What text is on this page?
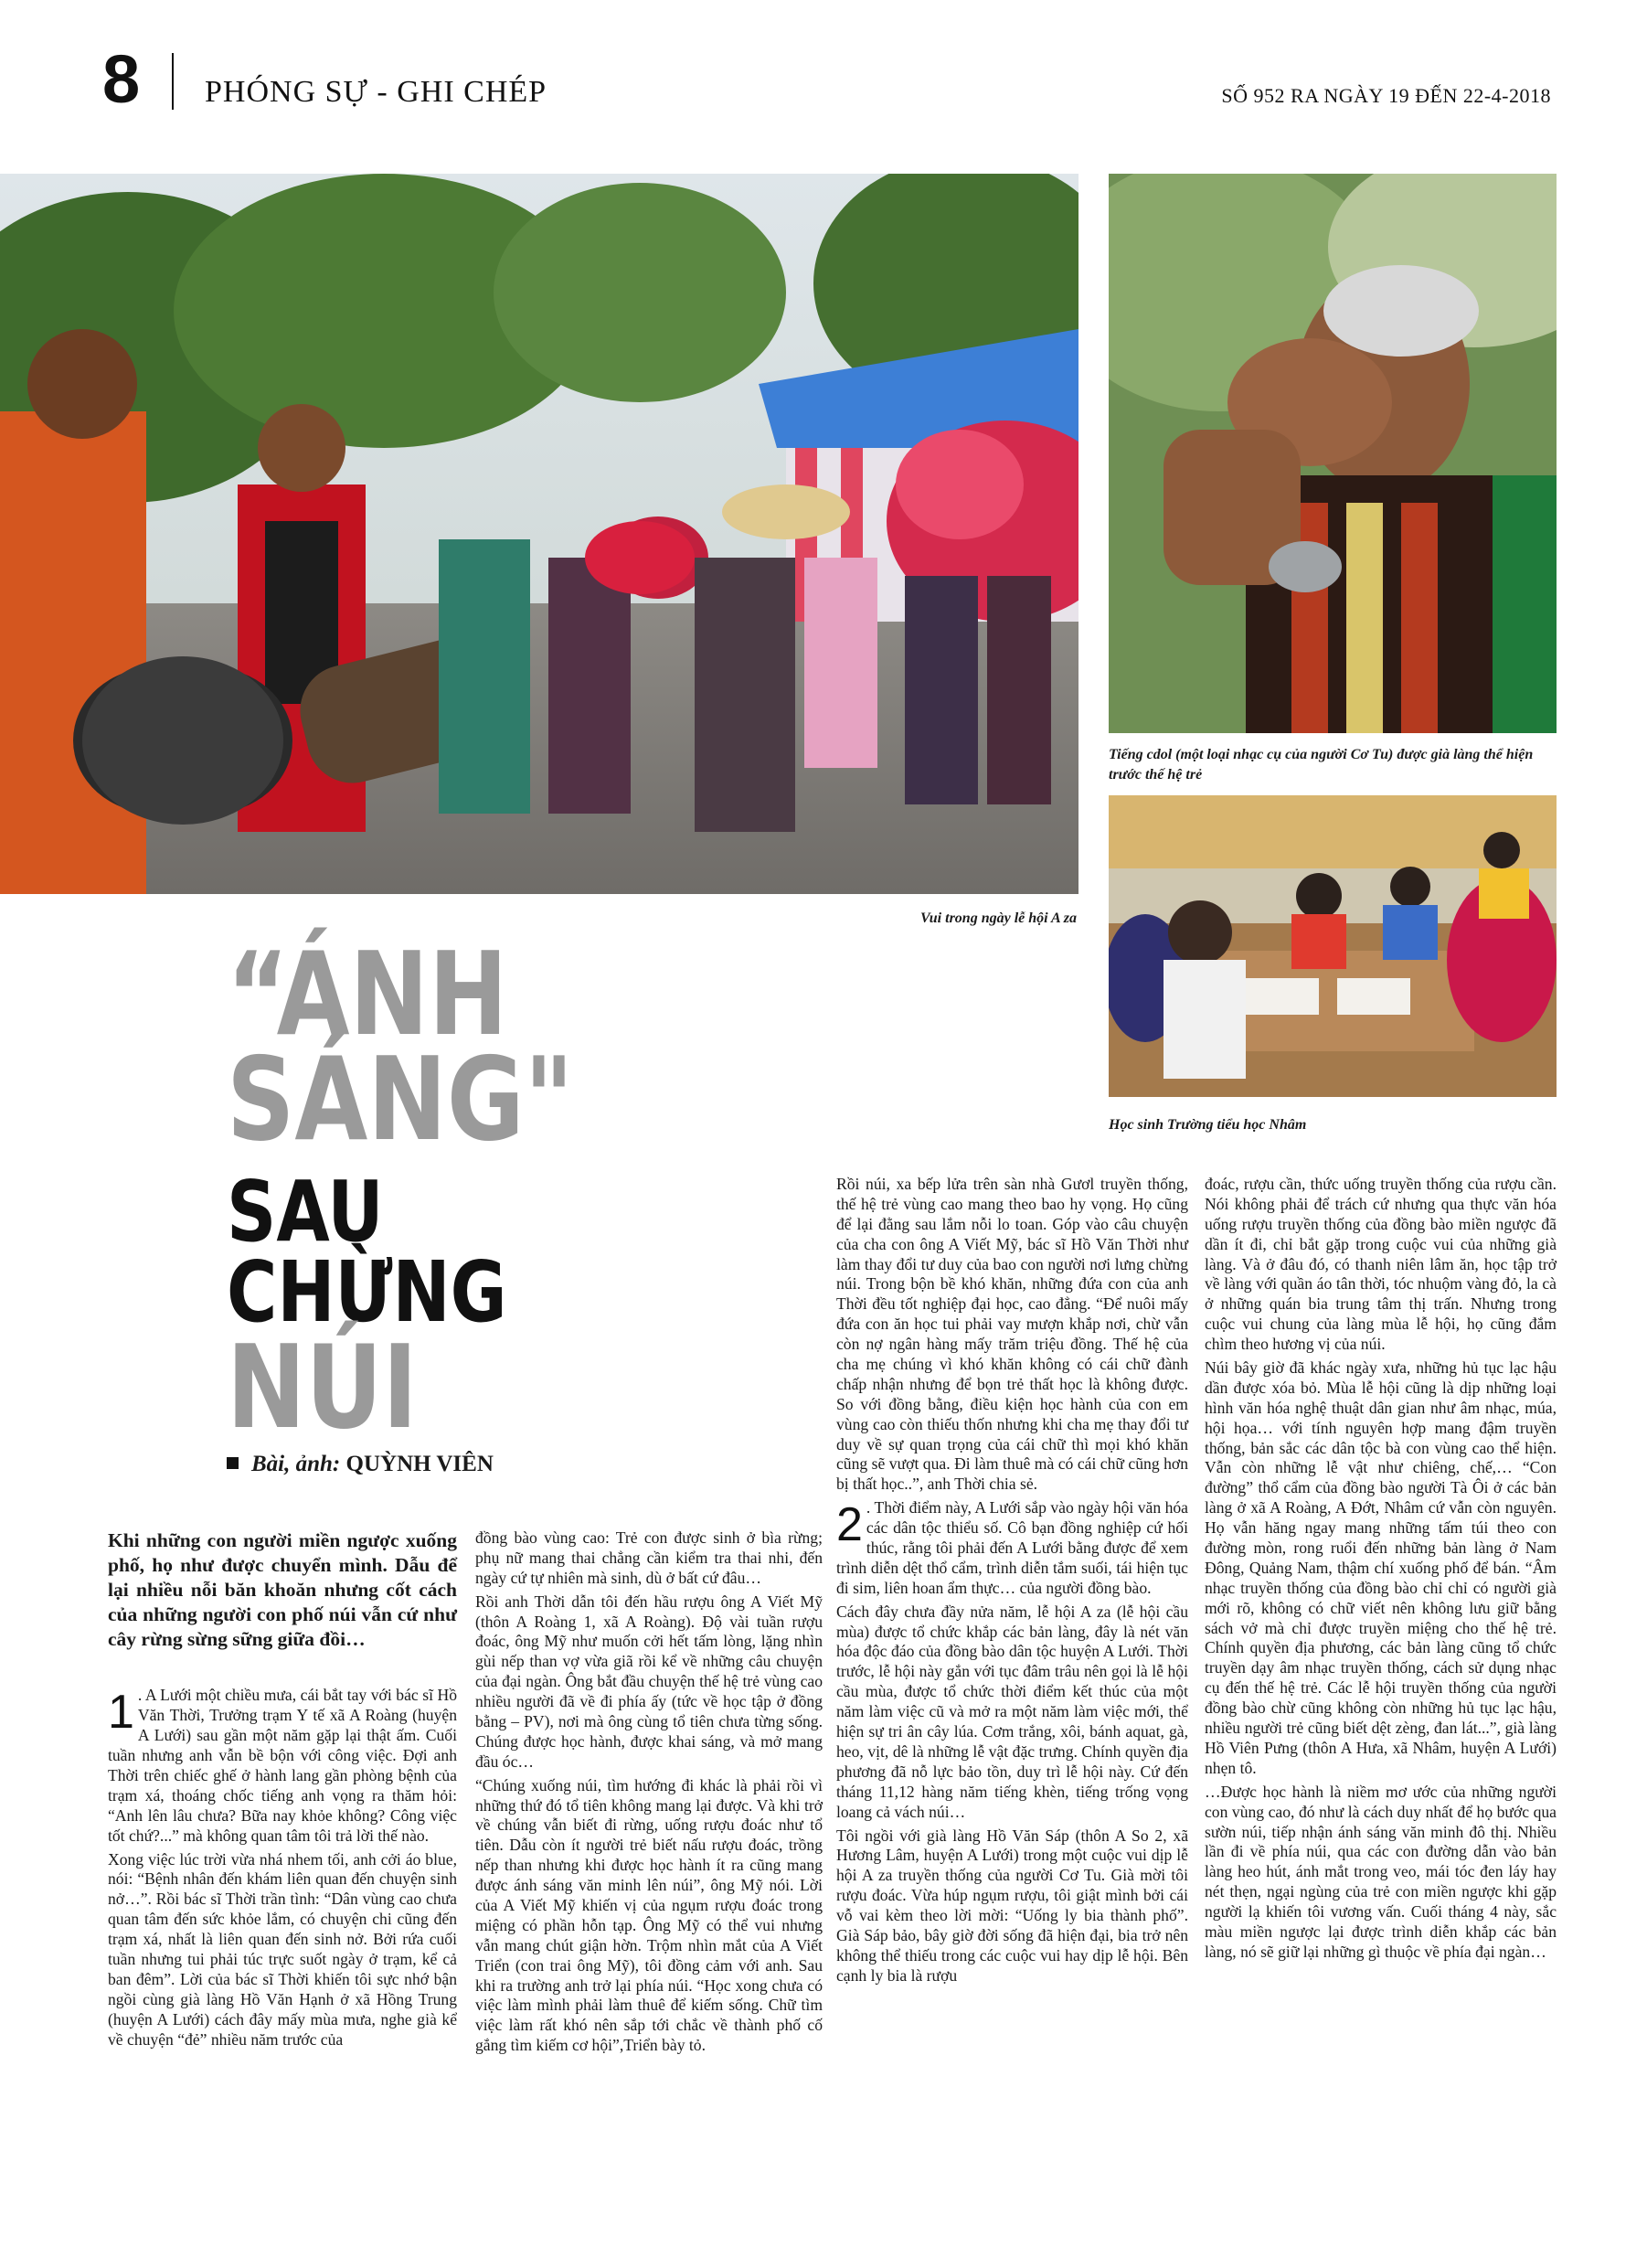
8 PHÓNG SỰ - GHI CHÉP	SỐ 952 RA NGÀY 19 ĐẾN 22-4-2018
Vui trong ngày lễ hội A za
Tiếng cdol (một loại nhạc cụ của người Cơ Tu) được già làng thể hiện trước thế hệ trẻ
Học sinh Trường tiểu học Nhâm
“ÁNH
SÁNG"
SAU
CHỪNG
NÚI
Bài, ảnh: QUỲNH VIÊN
Khi những con người miền ngược xuống phố, họ như được chuyển mình. Dẫu để lại nhiều nỗi băn khoăn nhưng cốt cách của những người con phố núi vẫn cứ như cây rừng sừng sững giữa đồi…

1 . A Lưới một chiều mưa, cái bắt tay với bác sĩ Hồ Văn Thời, Trưởng trạm Y tế xã A Roàng (huyện A Lưới) sau gần một năm gặp lại thật ấm. Cuối tuần nhưng anh vẫn bề bộn với công việc. Đợi anh Thời trên chiếc ghế ở hành lang gần phòng bệnh của trạm xá, thoáng chốc tiếng anh vọng ra thăm hỏi: “Anh lên lâu chưa? Bữa nay khỏe không? Công việc tốt chứ?...” mà không quan tâm tôi trả lời thế nào.

Xong việc lúc trời vừa nhá nhem tối, anh cởi áo blue, nói: “Bệnh nhân đến khám liên quan đến chuyện sinh nở…”. Rồi bác sĩ Thời trần tình: “Dân vùng cao chưa quan tâm đến sức khỏe lắm, có chuyện chi cũng đến trạm xá, nhất là liên quan đến sinh nở. Bởi rứa cuối tuần nhưng tui phải túc trực suốt ngày ở trạm, kể cả ban đêm”. Lời của bác sĩ Thời khiến tôi sực nhớ bận ngồi cùng già làng Hồ Văn Hạnh ở xã Hồng Trung (huyện A Lưới) cách đây mấy mùa mưa, nghe già kể về chuyện “đẻ” nhiều năm trước của

đồng bào vùng cao: Trẻ con được sinh ở bìa rừng; phụ nữ mang thai chẳng cần kiểm tra thai nhi, đến ngày cứ tự nhiên mà sinh, dù ở bất cứ đâu…

Rồi anh Thời dẫn tôi đến hầu rượu ông A Viết Mỹ (thôn A Roàng 1, xã A Roàng). Độ vài tuần rượu đoác, ông Mỹ như muốn cởi hết tấm lòng, lặng nhìn gùi nếp than vợ vừa giã rồi kể về những câu chuyện của đại ngàn. Ông bắt đầu chuyện thế hệ trẻ vùng cao nhiều người đã về đi phía ấy (tức về học tập ở đồng bằng – PV), nơi mà ông cùng tổ tiên chưa từng sống. Chúng được học hành, được khai sáng, và mở mang đầu óc…

“Chúng xuống núi, tìm hướng đi khác là phải rồi vì những thứ đó tổ tiên không mang lại được. Và khi trở về chúng vẫn biết đi rừng, uống rượu đoác như tổ tiên. Dẫu còn ít người trẻ biết nấu rượu đoác, trồng nếp than nhưng khi được học hành ít ra cũng mang được ánh sáng văn minh lên núi”, ông Mỹ nói. Lời của A Viết Mỹ khiến vị của ngụm rượu đoác trong miệng có phần hỗn tạp. Ông Mỹ có thể vui nhưng vẫn mang chút giận hờn. Trộm nhìn mắt của A Viết Triển (con trai ông Mỹ), tôi đồng cảm với anh. Sau khi ra trường anh trở lại phía núi. “Học xong chưa có việc làm mình phải làm thuê để kiếm sống. Chữ tìm việc làm rất khó nên sắp tới chắc về thành phố cố gắng tìm kiếm cơ hội”,Triển bày tỏ.

Rồi núi, xa bếp lửa trên sàn nhà Gươl truyền thống, thế hệ trẻ vùng cao mang theo bao hy vọng. Họ cũng để lại đằng sau lắm nỗi lo toan. Góp vào câu chuyện của cha con ông A Viết Mỹ, bác sĩ Hồ Văn Thời như làm thay đổi tư duy của bao con người nơi lưng chừng núi. Trong bộn bề khó khăn, những đứa con của anh Thời đều tốt nghiệp đại học, cao đẳng. “Để nuôi mấy đứa con ăn học tui phải vay mượn khắp nơi, chừ vẫn còn nợ ngân hàng mấy trăm triệu đồng. Thế hệ của cha mẹ chúng vì khó khăn không có cái chữ đành chấp nhận nhưng để bọn trẻ thất học là không được. So với đồng bằng, điều kiện học hành của con em vùng cao còn thiếu thốn nhưng khi cha mẹ thay đổi tư duy về sự quan trọng của cái chữ thì mọi khó khăn cũng sẽ vượt qua. Đi làm thuê mà có cái chữ cũng hơn bị thất học..”, anh Thời chia sẻ.

2 . Thời điểm này, A Lưới sắp vào ngày hội văn hóa các dân tộc thiểu số. Cô bạn đồng nghiệp cứ hối thúc, rằng tôi phải đến A Lưới bằng được để xem trình diễn dệt thổ cẩm, trình diễn tắm suối, tái hiện tục đi sim, liên hoan ẩm thực… của người đồng bào.

Cách đây chưa đầy nửa năm, lễ hội A za (lễ hội cầu mùa) được tổ chức khắp các bản làng, đây là nét văn hóa độc đáo của đồng bào dân tộc huyện A Lưới. Thời trước, lễ hội này gắn với tục đâm trâu nên gọi là lễ hội cầu mùa, được tổ chức thời điểm kết thúc của một năm làm việc cũ và mở ra một năm làm việc mới, thể hiện sự tri ân cây lúa. Cơm trắng, xôi, bánh aquat, gà, heo, vịt, dê là những lễ vật đặc trưng. Chính quyền địa phương đã nỗ lực bảo tồn, duy trì lễ hội này. Cứ đến tháng 11,12 hàng năm tiếng khèn, tiếng trống vọng loang cả vách núi…

Tôi ngồi với già làng Hồ Văn Sáp (thôn A So 2, xã Hương Lâm, huyện A Lưới) trong một cuộc vui dịp lễ hội A za truyền thống của người Cơ Tu. Già mời tôi rượu đoác. Vừa húp ngụm rượu, tôi giật mình bởi cái vỗ vai kèm theo lời mời: “Uống ly bia thành phố”. Già Sáp bảo, bây giờ đời sống đã hiện đại, bia trở nên không thể thiếu trong các cuộc vui hay dịp lễ hội. Bên cạnh ly bia là rượu

đoác, rượu cần, thức uống truyền thống của rượu cần. Nói không phải để trách cứ nhưng qua thực văn hóa uống rượu truyền thống của đồng bào miền ngược đã dần ít đi, chỉ bắt gặp trong cuộc vui của những già làng. Và ở đâu đó, có thanh niên lâm ăn, học tập trở về làng với quần áo tân thời, tóc nhuộm vàng đỏ, la cà ở những quán bia trung tâm thị trấn. Nhưng trong cuộc vui chung của làng mùa lễ hội, họ cũng đắm chìm theo hương vị của núi.

Núi bây giờ đã khác ngày xưa, những hủ tục lạc hậu dần được xóa bỏ. Mùa lễ hội cũng là dịp những loại hình văn hóa nghệ thuật dân gian như âm nhạc, múa, hội họa… với tính nguyên hợp mang đậm truyền thống, bản sắc các dân tộc bà con vùng cao thể hiện. Vẫn còn những lễ vật như chiêng, chế,… “Con đường” thổ cẩm của đồng bào người Tà Ôi ở các bản làng ở xã A Roàng, A Đớt, Nhâm cứ vẫn còn nguyên. Họ vẫn hăng ngay mang những tấm túi theo con đường mòn, rong ruổi đến những bản làng ở Nam Đông, Quảng Nam, thậm chí xuống phố để bán. “Âm nhạc truyền thống của đồng bào chỉ chỉ có người già mới rõ, không có chữ viết nên không lưu giữ bằng sách vở mà chỉ được truyền miệng cho thế hệ trẻ. Chính quyền địa phương, các bản làng cũng tổ chức truyền dạy âm nhạc truyền thống, cách sử dụng nhạc cụ đến thế hệ trẻ. Các lễ hội truyền thống của người đồng bào chừ cũng không còn những hủ tục lạc hậu, nhiều người trẻ cũng biết dệt zèng, đan lát...”, già làng Hồ Viên Pưng (thôn A Hưa, xã Nhâm, huyện A Lưới) nhẹn tô.

…Được học hành là niềm mơ ước của những người con vùng cao, đó như là cách duy nhất để họ bước qua sườn núi, tiếp nhận ánh sáng văn minh đô thị. Nhiều lần đi về phía núi, qua các con đường dẫn vào bản làng heo hút, ánh mắt trong veo, mái tóc đen láy hay nét thẹn, ngại ngùng của trẻ con miền ngược khi gặp người lạ khiến tôi vương vấn. Cuối tháng 4 này, sắc màu miền ngược lại được trình diễn khắp các bản làng, nó sẽ giữ lại những gì thuộc về phía đại ngàn…
